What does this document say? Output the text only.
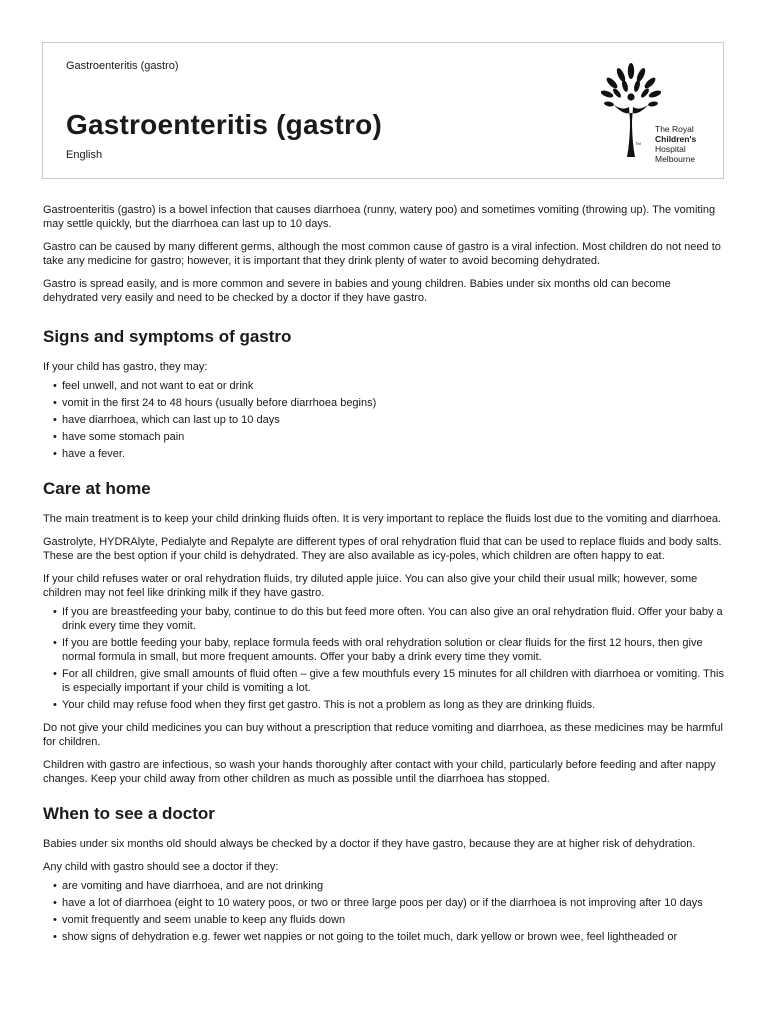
Gastroenteritis (gastro)
Gastroenteritis (gastro)
English
TM
The Royal
Children's
Hospital
Melbourne

Gastroenteritis (gastro) is a bowel infection that causes diarrhoea (runny, watery poo) and sometimes vomiting (throwing up). The vomiting may settle quickly, but the diarrhoea can last up to 10 days.

Gastro can be caused by many different germs, although the most common cause of gastro is a viral infection. Most children do not need to take any medicine for gastro; however, it is important that they drink plenty of water to avoid becoming dehydrated.

Gastro is spread easily, and is more common and severe in babies and young children. Babies under six months old can become dehydrated very easily and need to be checked by a doctor if they have gastro.

Signs and symptoms of gastro

If your child has gastro, they may:

• feel unwell, and not want to eat or drink
• vomit in the first 24 to 48 hours (usually before diarrhoea begins)
• have diarrhoea, which can last up to 10 days
• have some stomach pain
• have a fever.
Care at home

The main treatment is to keep your child drinking fluids often. It is very important to replace the fluids lost due to the vomiting and diarrhoea.

Gastrolyte, HYDRAlyte, Pedialyte and Repalyte are different types of oral rehydration fluid that can be used to replace fluids and body salts. These are the best option if your child is dehydrated. They are also available as icy-poles, which children are often happy to eat.

If your child refuses water or oral rehydration fluids, try diluted apple juice. You can also give your child their usual milk; however, some children may not feel like drinking milk if they have gastro.

• If you are breastfeeding your baby, continue to do this but feed more often. You can also give an oral rehydration fluid. Offer your baby a drink every time they vomit.
• If you are bottle feeding your baby, replace formula feeds with oral rehydration solution or clear fluids for the first 12 hours, then give normal formula in small, but more frequent amounts. Offer your baby a drink every time they vomit.
• For all children, give small amounts of fluid often – give a few mouthfuls every 15 minutes for all children with diarrhoea or vomiting. This is especially important if your child is vomiting a lot.
• Your child may refuse food when they first get gastro. This is not a problem as long as they are drinking fluids.

Do not give your child medicines you can buy without a prescription that reduce vomiting and diarrhoea, as these medicines may be harmful for children.

Children with gastro are infectious, so wash your hands thoroughly after contact with your child, particularly before feeding and after nappy changes. Keep your child away from other children as much as possible until the diarrhoea has stopped.

When to see a doctor

Babies under six months old should always be checked by a doctor if they have gastro, because they are at higher risk of dehydration.

Any child with gastro should see a doctor if they:

• are vomiting and have diarrhoea, and are not drinking
• have a lot of diarrhoea (eight to 10 watery poos, or two or three large poos per day) or if the diarrhoea is not improving after 10 days
• vomit frequently and seem unable to keep any fluids down
• show signs of dehydration e.g. fewer wet nappies or not going to the toilet much, dark yellow or brown wee, feel lightheaded or
